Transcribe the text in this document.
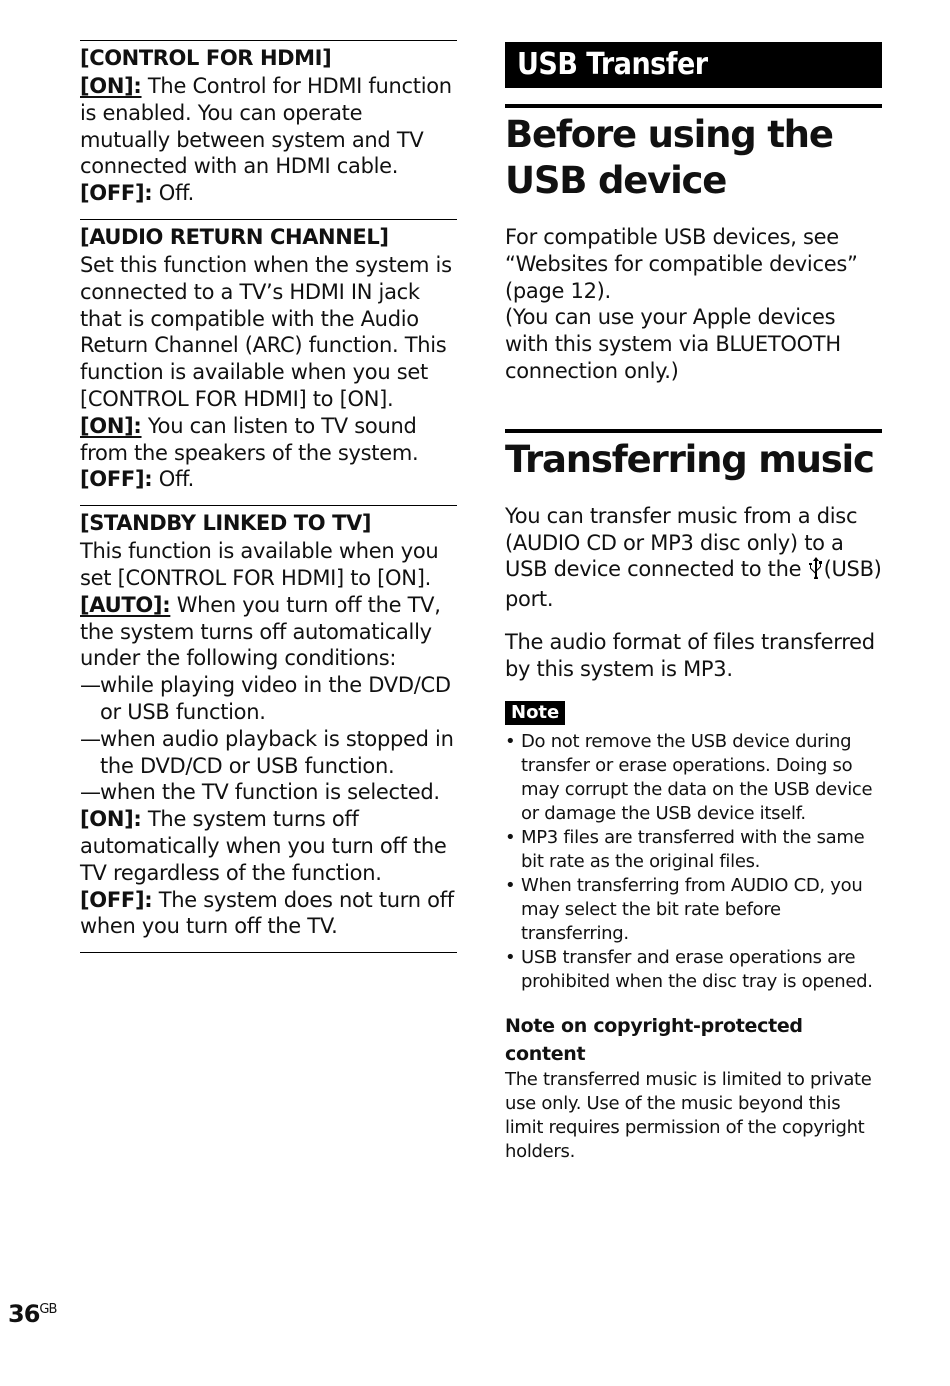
[CONTROL FOR HDMI]
[ON]: The Control for HDMI function is enabled. You can operate mutually between system and TV connected with an HDMI cable.
[OFF]: Off.
[AUDIO RETURN CHANNEL]
Set this function when the system is connected to a TV’s HDMI IN jack that is compatible with the Audio Return Channel (ARC) function. This function is available when you set [CONTROL FOR HDMI] to [ON].
[ON]: You can listen to TV sound from the speakers of the system.
[OFF]: Off.
[STANDBY LINKED TO TV]
This function is available when you set [CONTROL FOR HDMI] to [ON].
[AUTO]: When you turn off the TV, the system turns off automatically under the following conditions:
— while playing video in the DVD/CD or USB function.
— when audio playback is stopped in the DVD/CD or USB function.
— when the TV function is selected.
[ON]: The system turns off automatically when you turn off the TV regardless of the function.
[OFF]: The system does not turn off when you turn off the TV.
USB Transfer
Before using the USB device
For compatible USB devices, see “Websites for compatible devices” (page 12).
(You can use your Apple devices with this system via BLUETOOTH connection only.)
Transferring music
You can transfer music from a disc (AUDIO CD or MP3 disc only) to a USB device connected to the (USB) port.
The audio format of files transferred by this system is MP3.
Note
• Do not remove the USB device during transfer or erase operations. Doing so may corrupt the data on the USB device or damage the USB device itself.
• MP3 files are transferred with the same bit rate as the original files.
• When transferring from AUDIO CD, you may select the bit rate before transferring.
• USB transfer and erase operations are prohibited when the disc tray is opened.
Note on copyright-protected content
The transferred music is limited to private use only. Use of the music beyond this limit requires permission of the copyright holders.
$36^{GB}$
